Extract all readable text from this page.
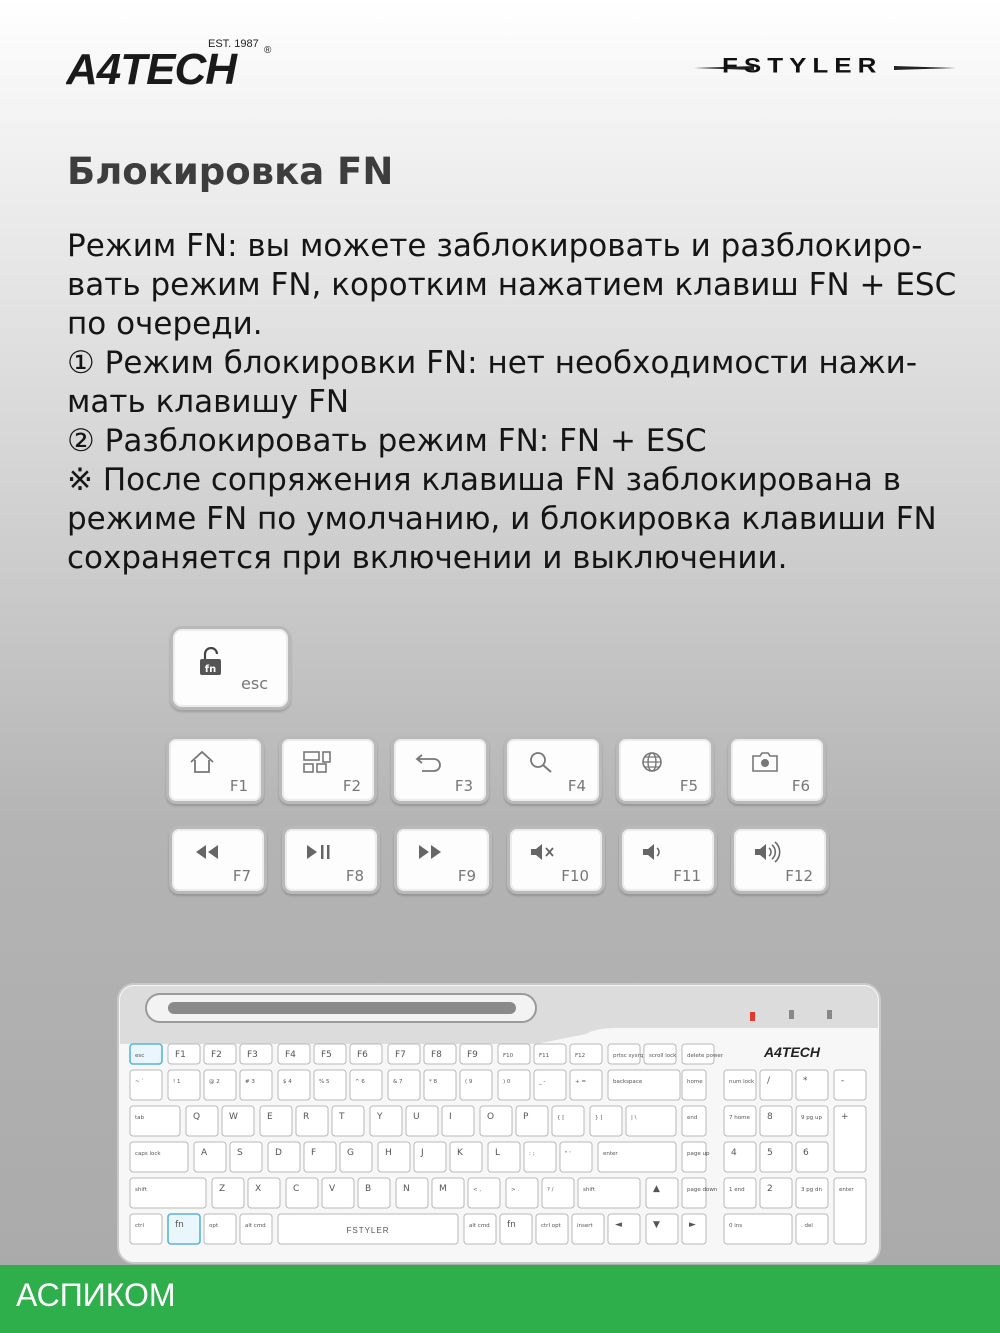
EST. 1987
®
A4TECH	FSTYLER
Блокировка FN

Режим FN: вы можете заблокировать и разблокиро-

вать режим FN, коротким нажатием клавиш FN + ESC

по очереди.

① Режим блокировки FN: нет необходимости нажи-

мать клавишу FN

② Разблокировать режим FN: FN + ESC

※ После сопряжения клавиша FN заблокирована в

режиме FN по умолчанию, и блокировка клавиши FN

сохраняется при включении и выключении.

fn
esc
F1	F2	F3	F4	F5	F6
F7	F8	F9	F10	F11	F12
A4TECH
esc	F1	F2	F3	F4	F5	F6	F7	F8	F9	F10	F11	F12	prtsc sysrq scroll lock delete power
~ `	! 1	@ 2	# 3	$ 4	% 5	^ 6	& 7	* 8	( 9	) 0	_ -	+ =	backspace	home	num lock /	*	-
tab	Q	W	E	R	T	Y	U	I	O	P	{ [	} ]	| \	end	7 home 8	9 pg up +
caps lock	A	S	D	F	G	H	J	K	L	: ;	" '	enter	page up 4	5	6
shift	Z	X	C	V	B	N	M	< ,	> .	? /	shift	▲	page down 1 end 2	3 pg dn	enter
ctrl	fn	opt	alt cmd	FSTYLER	alt cmd fn	ctrl opt	insert ◄	▼	►	0 ins	. del
АСПИКОМ
